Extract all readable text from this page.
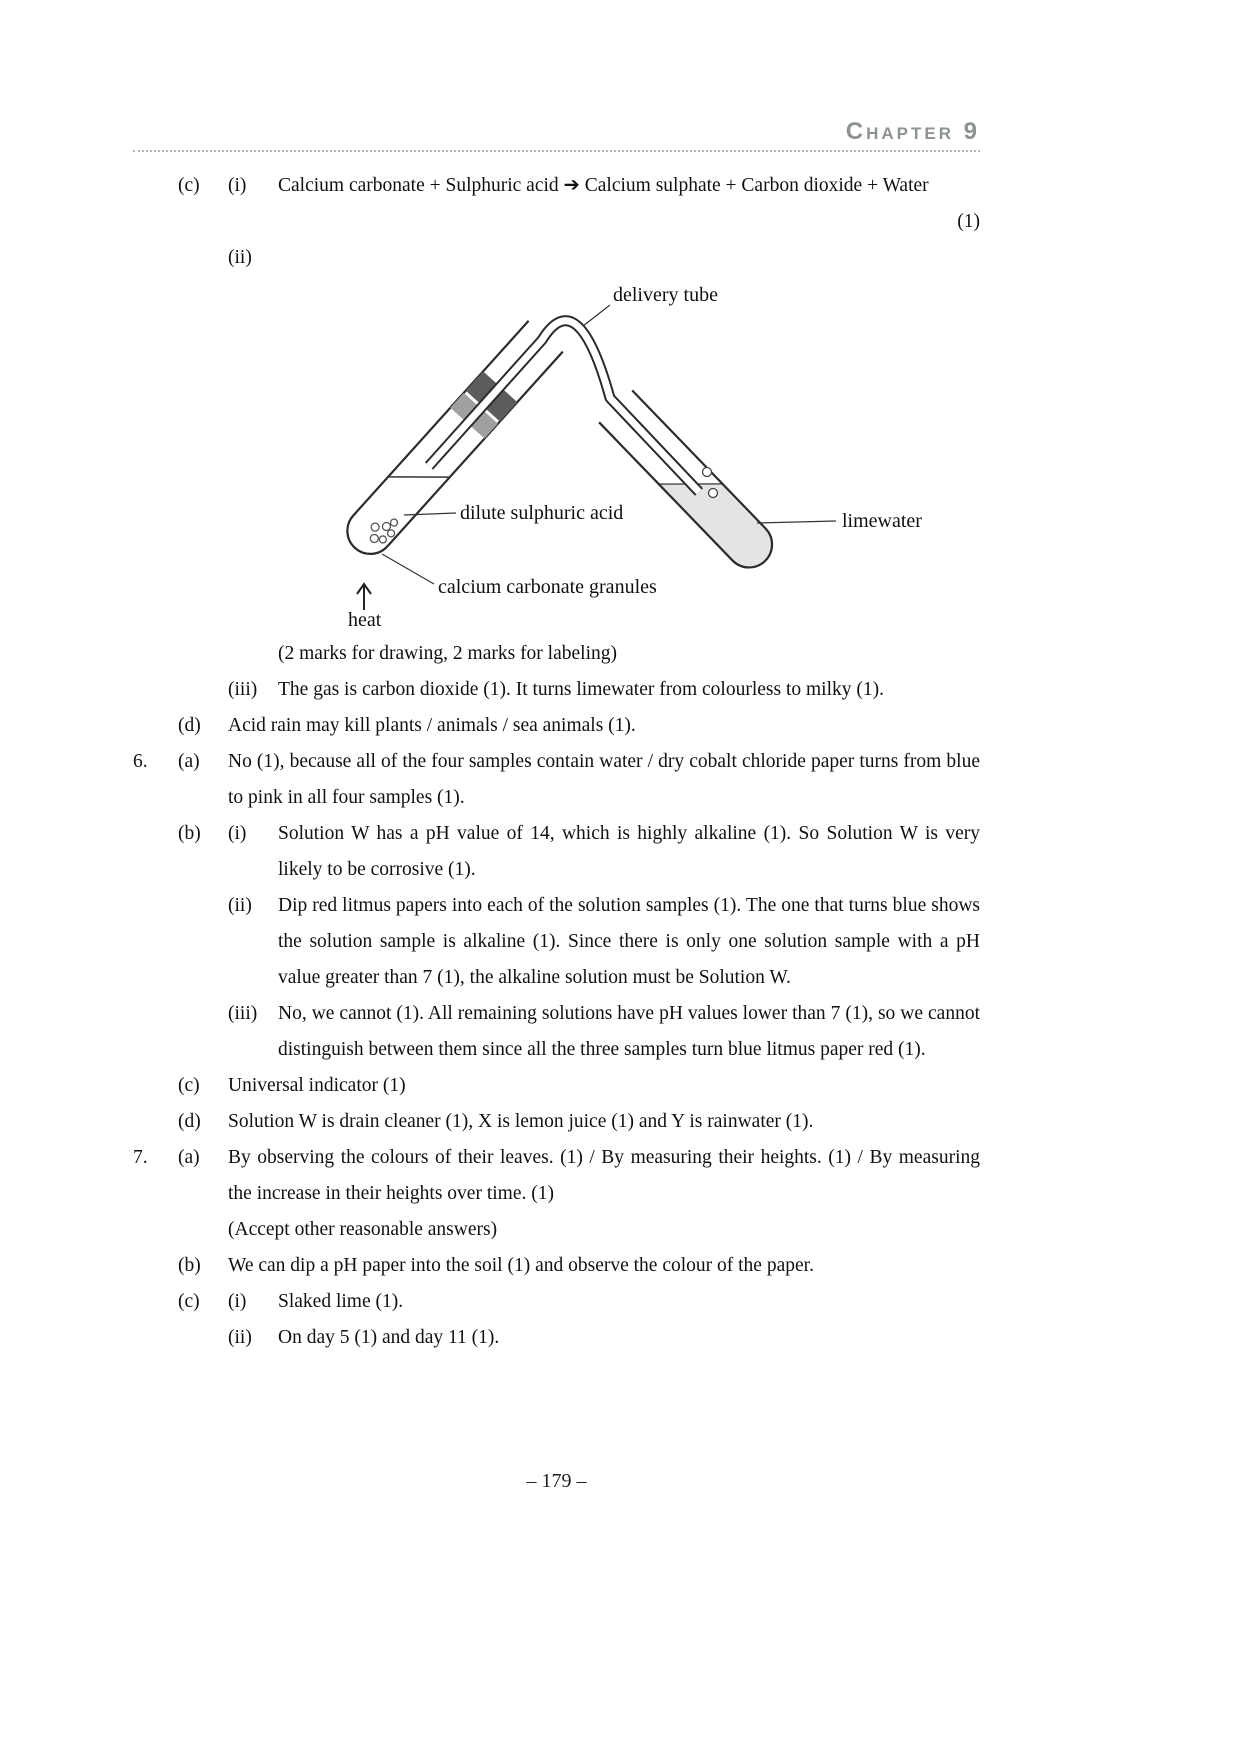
Chapter 9
(c)	(i)	Calcium carbonate + Sulphuric acid ➔ Calcium sulphate + Carbon dioxide + Water
(1)
(ii)
delivery tube
dilute sulphuric acid
calcium carbonate granules
limewater
heat
(2 marks for drawing, 2 marks for labeling)
(iii)	The gas is carbon dioxide (1). It turns limewater from colourless to milky (1).
(d)	Acid rain may kill plants / animals / sea animals (1).
6.	(a)	No (1), because all of the four samples contain water / dry cobalt chloride paper turns from blue to pink in all four samples (1).
(b)	(i)	Solution W has a pH value of 14, which is highly alkaline (1). So Solution W is very likely to be corrosive (1).
(ii)	Dip red litmus papers into each of the solution samples (1). The one that turns blue shows the solution sample is alkaline (1). Since there is only one solution sample with a pH value greater than 7 (1), the alkaline solution must be Solution W.
(iii)	No, we cannot (1). All remaining solutions have pH values lower than 7 (1), so we cannot distinguish between them since all the three samples turn blue litmus paper red (1).
(c)	Universal indicator (1)
(d)	Solution W is drain cleaner (1), X is lemon juice (1) and Y is rainwater (1).
7.	(a)	By observing the colours of their leaves. (1) / By measuring their heights. (1) / By measuring the increase in their heights over time. (1)
(Accept other reasonable answers)
(b)	We can dip a pH paper into the soil (1) and observe the colour of the paper.
(c)	(i)	Slaked lime (1).
(ii)	On day 5 (1) and day 11 (1).
– 179 –
